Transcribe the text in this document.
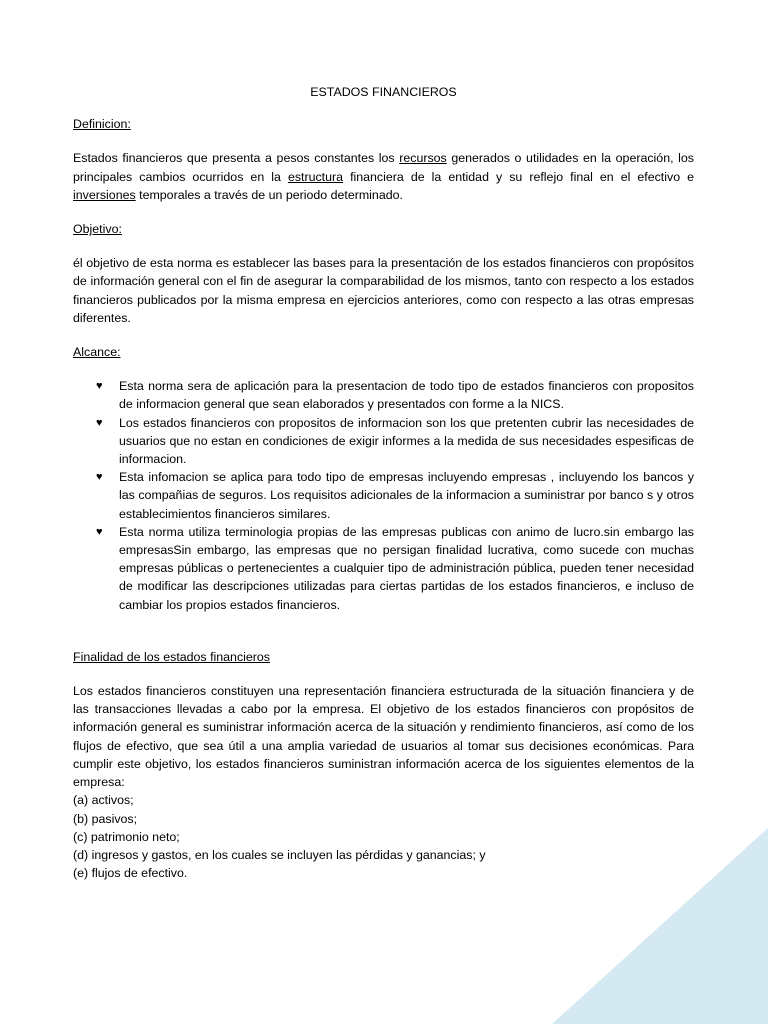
ESTADOS FINANCIEROS
Definicion:
Estados financieros que presenta a pesos constantes los recursos generados o utilidades en la operación, los principales cambios ocurridos en la estructura financiera de la entidad y su reflejo final en el efectivo e inversiones temporales a través de un periodo determinado.
Objetivo:
él objetivo de esta norma es establecer las bases para la presentación de los estados financieros con propósitos de información general con el fin de asegurar la comparabilidad de los mismos, tanto con respecto a los estados financieros publicados por la misma empresa en ejercicios anteriores, como con respecto a las otras empresas diferentes.
Alcance:
♥ Esta norma sera de aplicación para la presentacion de todo tipo de estados financieros con propositos de informacion general que sean elaborados y presentados con forme a la NICS.
♥ Los estados financieros con propositos de informacion son los que pretenten cubrir las necesidades de usuarios que no estan en condiciones de exigir informes a la medida de sus necesidades espesificas de informacion.
♥ Esta infomacion se aplica para todo tipo de empresas incluyendo empresas , incluyendo los bancos y las compañias de seguros. Los requisitos adicionales de la informacion a suministrar por banco s y otros establecimientos financieros similares.
♥ Esta norma utiliza terminologia propias de las empresas publicas con animo de lucro.sin embargo las empresasSin embargo, las empresas que no persigan finalidad lucrativa, como sucede con muchas empresas públicas o pertenecientes a cualquier tipo de administración pública, pueden tener necesidad de modificar las descripciones utilizadas para ciertas partidas de los estados financieros, e incluso de cambiar los propios estados financieros.
Finalidad de los estados financieros
Los estados financieros constituyen una representación financiera estructurada de la situación financiera y de las transacciones llevadas a cabo por la empresa. El objetivo de los estados financieros con propósitos de información general es suministrar información acerca de la situación y rendimiento financieros, así como de los flujos de efectivo, que sea útil a una amplia variedad de usuarios al tomar sus decisiones económicas. Para cumplir este objetivo, los estados financieros suministran información acerca de los siguientes elementos de la empresa:
(a) activos;
(b) pasivos;
(c) patrimonio neto;
(d) ingresos y gastos, en los cuales se incluyen las pérdidas y ganancias; y
(e) flujos de efectivo.
